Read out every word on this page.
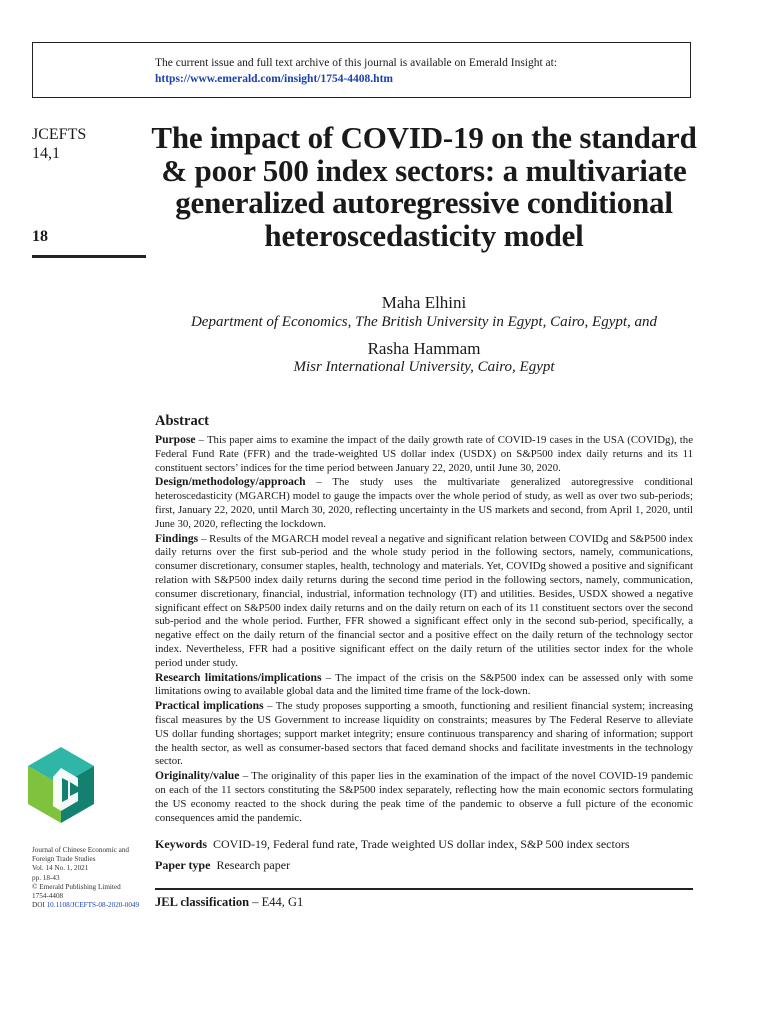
The current issue and full text archive of this journal is available on Emerald Insight at:
https://www.emerald.com/insight/1754-4408.htm
JCEFTS
14,1
18
The impact of COVID-19 on the standard & poor 500 index sectors: a multivariate generalized autoregressive conditional heteroscedasticity model
Maha Elhini
Department of Economics, The British University in Egypt, Cairo, Egypt, and
Rasha Hammam
Misr International University, Cairo, Egypt
Abstract

Purpose – This paper aims to examine the impact of the daily growth rate of COVID-19 cases in the USA (COVIDg), the Federal Fund Rate (FFR) and the trade-weighted US dollar index (USDX) on S&P500 index daily returns and its 11 constituent sectors’ indices for the time period between January 22, 2020, until June 30, 2020.

Design/methodology/approach – The study uses the multivariate generalized autoregressive conditional heteroscedasticity (MGARCH) model to gauge the impacts over the whole period of study, as well as over two sub-periods; first, January 22, 2020, until March 30, 2020, reflecting uncertainty in the US markets and second, from April 1, 2020, until June 30, 2020, reflecting the lockdown.

Findings – Results of the MGARCH model reveal a negative and significant relation between COVIDg and S&P500 index daily returns over the first sub-period and the whole study period in the following sectors, namely, communications, consumer discretionary, consumer staples, health, technology and materials. Yet, COVIDg showed a positive and significant relation with S&P500 index daily returns during the second time period in the following sectors, namely, communication, consumer discretionary, financial, industrial, information technology (IT) and utilities. Besides, USDX showed a negative significant effect on S&P500 index daily returns and on the daily return on each of its 11 constituent sectors over the second sub-period and the whole period. Further, FFR showed a significant effect only in the second sub-period, specifically, a negative effect on the daily return of the financial sector and a positive effect on the daily return of the technology sector index. Nevertheless, FFR had a positive significant effect on the daily return of the utilities sector index for the whole period under study.

Research limitations/implications – The impact of the crisis on the S&P500 index can be assessed only with some limitations owing to available global data and the limited time frame of the lock-down.

Practical implications – The study proposes supporting a smooth, functioning and resilient financial system; increasing fiscal measures by the US Government to increase liquidity on constraints; measures by The Federal Reserve to alleviate US dollar funding shortages; support market integrity; ensure continuous transparency and sharing of information; support the health sector, as well as consumer-based sectors that faced demand shocks and facilitate investments in the technology sector.

Originality/value – The originality of this paper lies in the examination of the impact of the novel COVID-19 pandemic on each of the 11 sectors constituting the S&P500 index separately, reflecting how the main economic sectors formulating the US economy reacted to the shock during the peak time of the pandemic to observe a full picture of the economic consequences amid the pandemic.

Keywords COVID-19, Federal fund rate, Trade weighted US dollar index, S&P 500 index sectors
Paper type Research paper
JEL classification – E44, G1
Journal of Chinese Economic and Foreign Trade Studies
Vol. 14 No. 1, 2021
pp. 18-43
© Emerald Publishing Limited
1754-4408
DOI 10.1108/JCEFTS-08-2020-0049
